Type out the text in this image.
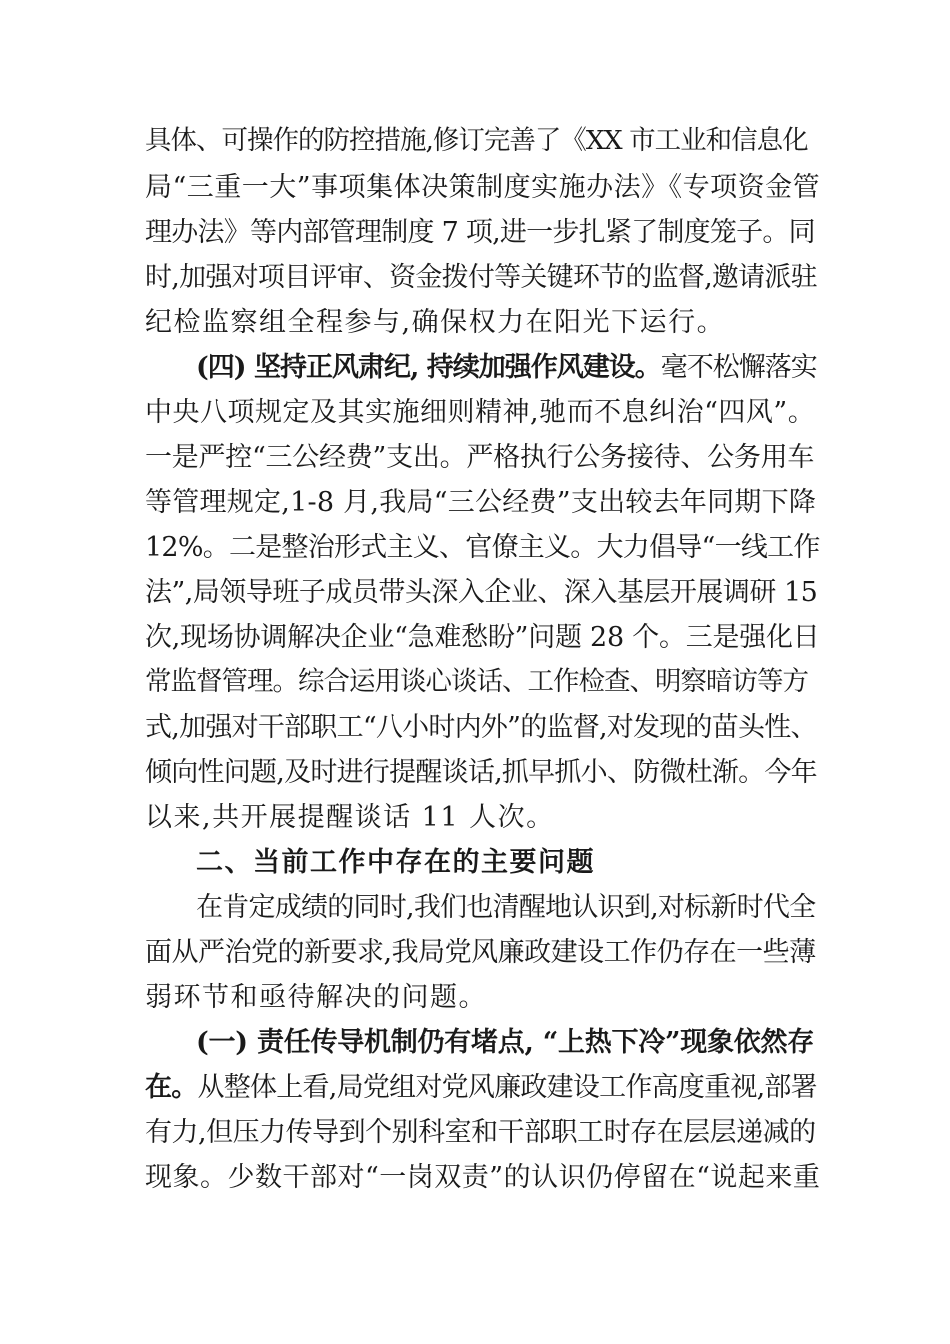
具体、可操作的防控措施,修订完善了《XX 市工业和信息化
局“三重一大”事项集体决策制度实施办法》《专项资金管
理办法》等内部管理制度 7 项,进一步扎紧了制度笼子。同
时,加强对项目评审、资金拨付等关键环节的监督,邀请派驻
纪检监察组全程参与,确保权力在阳光下运行。
(四) 坚持正风肃纪, 持续加强作风建设。毫不松懈落实
中央八项规定及其实施细则精神,驰而不息纠治“四风”。
一是严控“三公经费”支出。严格执行公务接待、公务用车
等管理规定,1-8 月,我局“三公经费”支出较去年同期下降
12%。二是整治形式主义、官僚主义。大力倡导“一线工作
法”,局领导班子成员带头深入企业、深入基层开展调研 15
次,现场协调解决企业“急难愁盼”问题 28 个。三是强化日
常监督管理。综合运用谈心谈话、工作检查、明察暗访等方
式,加强对干部职工“八小时内外”的监督,对发现的苗头性、
倾向性问题,及时进行提醒谈话,抓早抓小、防微杜渐。今年
以来,共开展提醒谈话 11 人次。
二、当前工作中存在的主要问题
在肯定成绩的同时,我们也清醒地认识到,对标新时代全
面从严治党的新要求,我局党风廉政建设工作仍存在一些薄
弱环节和亟待解决的问题。
(一) 责任传导机制仍有堵点, “上热下冷”现象依然存
在。从整体上看,局党组对党风廉政建设工作高度重视,部署
有力,但压力传导到个别科室和干部职工时存在层层递减的
现象。少数干部对“一岗双责”的认识仍停留在“说起来重
